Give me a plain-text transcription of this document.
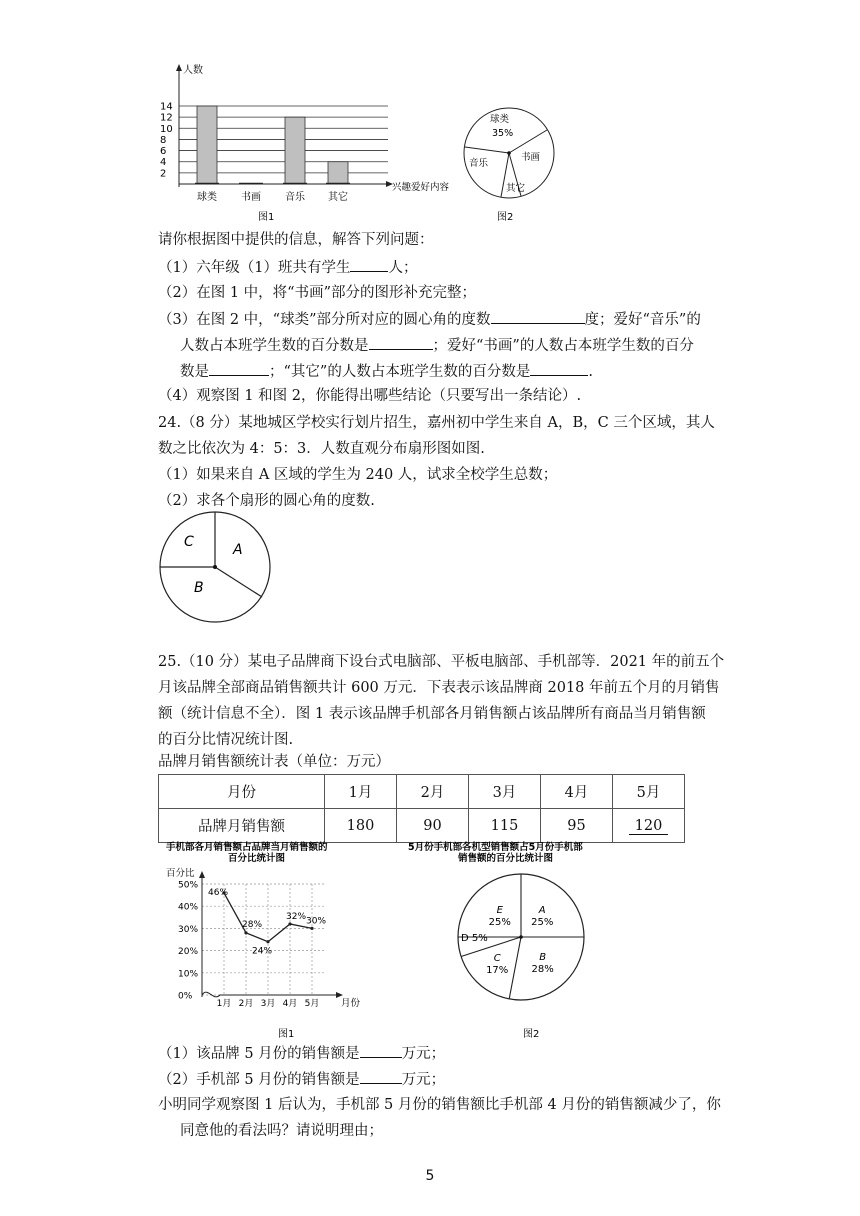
2
4
6
8
10
12
14
球类 书画 音乐 其它
人数
兴趣爱好内容
图1
球类
35%
书画
音乐
其它
图2
请你根据图中提供的信息，解答下列问题：
（1）六年级（1）班共有学生	人；
（2）在图 1 中，将“书画”部分的图形补充完整；
（3）在图 2 中，“球类”部分所对应的圆心角的度数	度；爱好“音乐”的
人数占本班学生数的百分数是	；爱好“书画”的人数占本班学生数的百分
数是	；“其它”的人数占本班学生数的百分数是	.
（4）观察图 1 和图 2，你能得出哪些结论（只要写出一条结论）.
24.（8 分）某地城区学校实行划片招生，嘉州初中学生来自 A，B，C 三个区域，其人
数之比依次为 4：5：3．人数直观分布扇形图如图.
（1）如果来自 A 区域的学生为 240 人，试求全校学生总数；
（2）求各个扇形的圆心角的度数.
A
B
C
25.（10 分）某电子品牌商下设台式电脑部、平板电脑部、手机部等．2021 年的前五个
月该品牌全部商品销售额共计 600 万元．下表表示该品牌商 2018 年前五个月的月销售
额（统计信息不全）．图 1 表示该品牌手机部各月销售额占该品牌所有商品当月销售额
的百分比情况统计图.
品牌月销售额统计表（单位：万元）
月份	1月	2月	3月	4月	5月
品牌月销售额	180	90	115	95	120
手机部各月销售额占品牌当月销售额的
百分比统计图
百分比
0%
10%
20%
30%
40%
50%
1月 2月 3月 4月 5月
46%
28%
24%
32% 30%
月份
图1
5月份手机部各机型销售额占5月份手机部
销售额的百分比统计图
A
25%
B
28%
C
17%
D 5%
E
25%
图2
（1）该品牌 5 月份的销售额是	万元；
（2）手机部 5 月份的销售额是	万元；
小明同学观察图 1 后认为，手机部 5 月份的销售额比手机部 4 月份的销售额减少了，你
同意他的看法吗？请说明理由；
5
